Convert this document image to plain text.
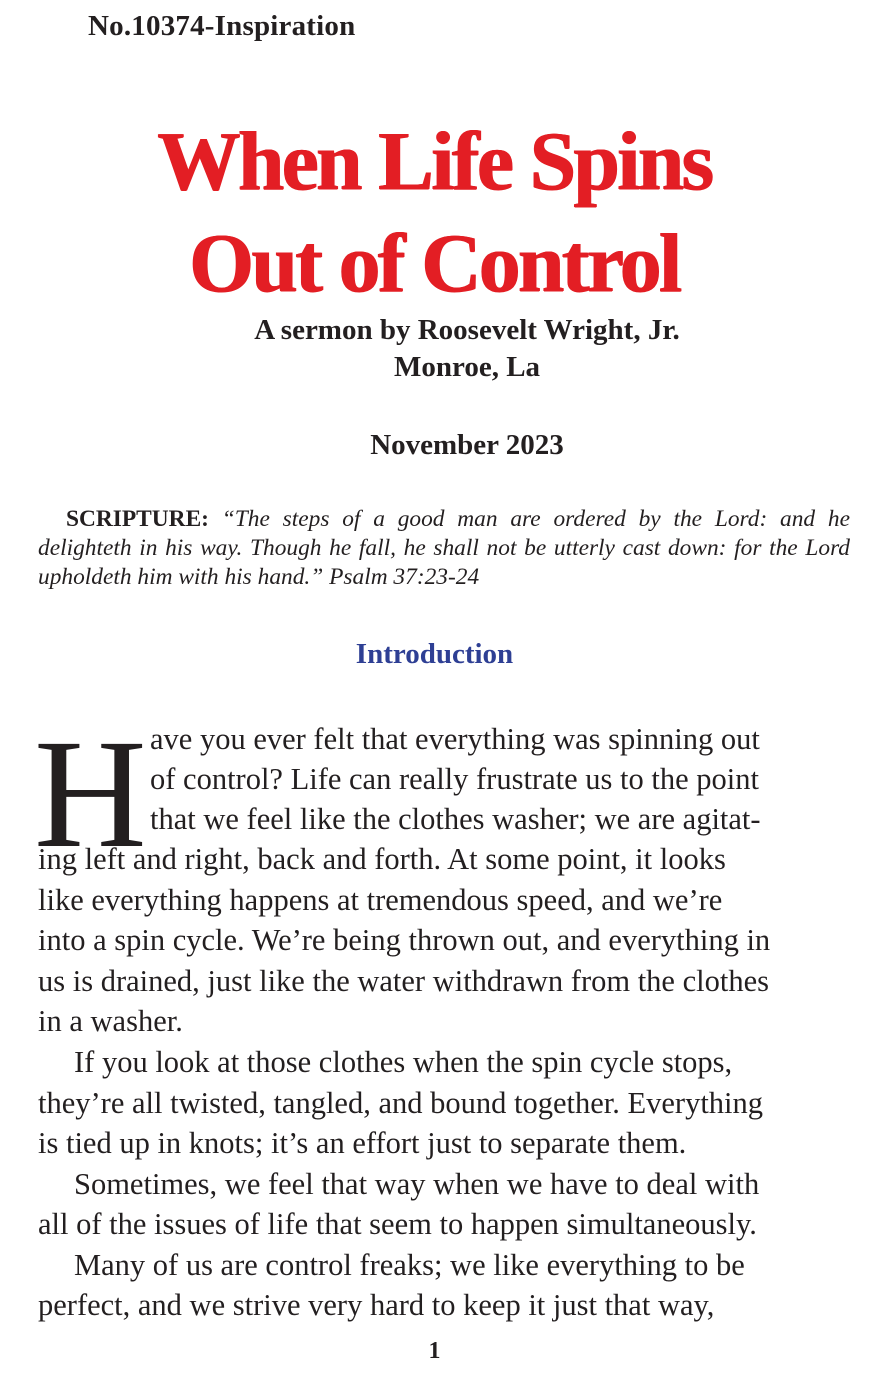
No.10374-Inspiration
When Life Spins
Out of Control
A sermon by Roosevelt Wright, Jr.
Monroe, La
November 2023
SCRIPTURE: “The steps of a good man are ordered by the Lord: and he delighteth in his way. Though he fall, he shall not be utterly cast down: for the Lord upholdeth him with his hand.” Psalm 37:23-24
Introduction
H ave you ever felt that everything was spinning out
of control? Life can really frustrate us to the point
that we feel like the clothes washer; we are agitat-
ing left and right, back and forth. At some point, it looks
like everything happens at tremendous speed, and we’re
into a spin cycle. We’re being thrown out, and everything in
us is drained, just like the water withdrawn from the clothes
in a washer.
If you look at those clothes when the spin cycle stops,
they’re all twisted, tangled, and bound together. Everything
is tied up in knots; it’s an effort just to separate them.
Sometimes, we feel that way when we have to deal with
all of the issues of life that seem to happen simultaneously.
Many of us are control freaks; we like everything to be
perfect, and we strive very hard to keep it just that way,
1
